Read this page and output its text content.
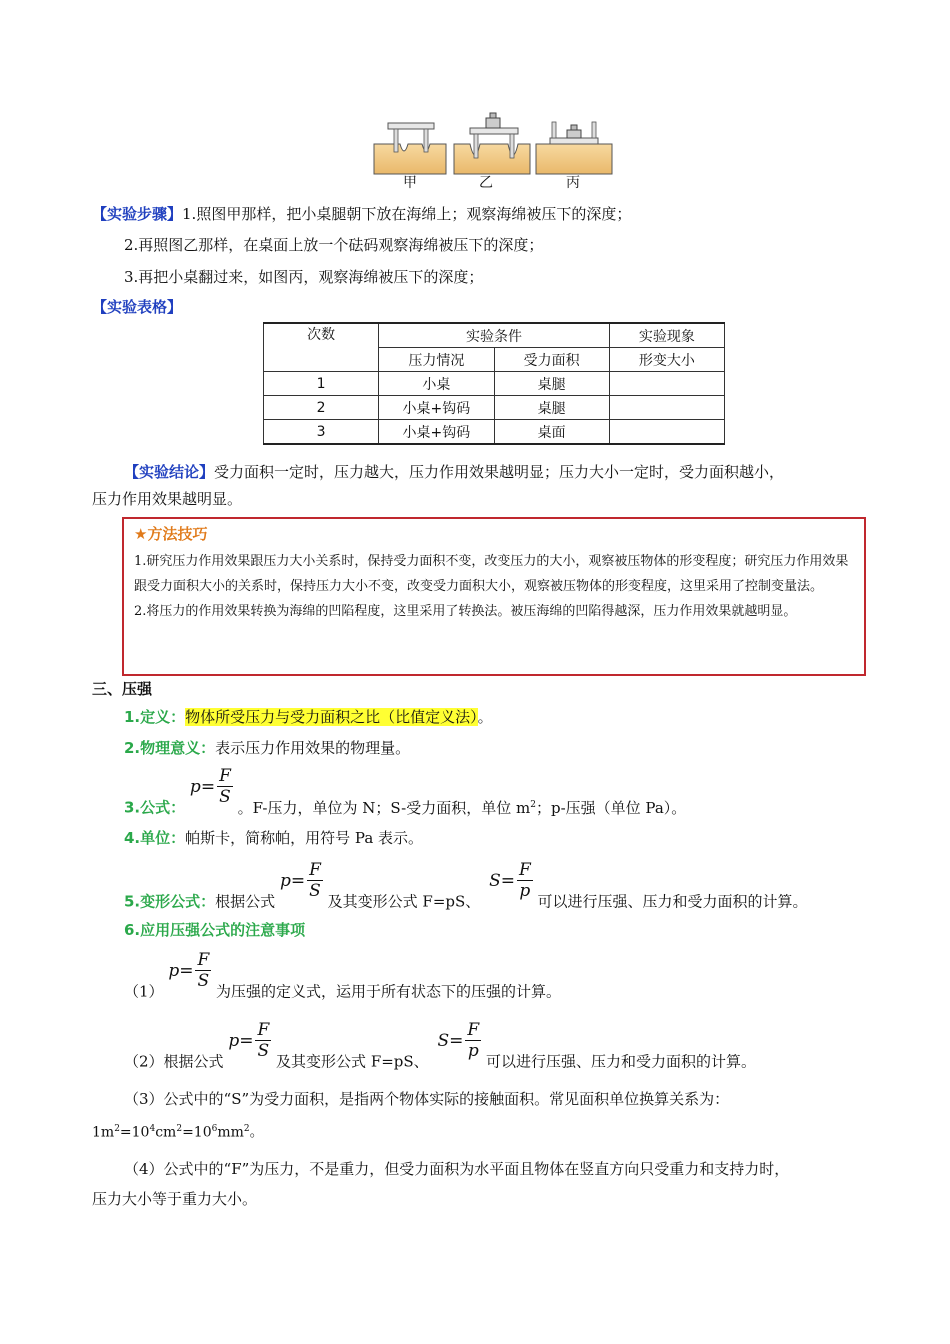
甲	乙	丙
【实验步骤】1.照图甲那样，把小桌腿朝下放在海绵上；观察海绵被压下的深度；
2.再照图乙那样，在桌面上放一个砝码观察海绵被压下的深度；
3.再把小桌翻过来，如图丙，观察海绵被压下的深度；
【实验表格】
次数	实验条件		实验现象
	压力情况	受力面积	形变大小
1	小桌	桌腿	
2	小桌+钩码	桌腿	
3	小桌+钩码	桌面	
【实验结论】受力面积一定时，压力越大，压力作用效果越明显；压力大小一定时，受力面积越小，
压力作用效果越明显。
★方法技巧
1.研究压力作用效果跟压力大小关系时，保持受力面积不变，改变压力的大小，观察被压物体的形变程度；研究压力作用效果跟受力面积大小的关系时，保持压力大小不变，改变受力面积大小，观察被压物体的形变程度，这里采用了控制变量法。
2.将压力的作用效果转换为海绵的凹陷程度，这里采用了转换法。被压海绵的凹陷得越深，压力作用效果就越明显。
三、压强
1.定义：物体所受压力与受力面积之比（比值定义法）。
2.物理意义：表示压力作用效果的物理量。
3.公式： $p= \frac{F}{S}$
。F-压力，单位为 N；S-受力面积，单位 $m^2$；p-压强（单位 Pa）。
4.单位：帕斯卡，简称帕，用符号 Pa 表示。
5.变形公式：根据公式 $p= \frac{F}{S}$
及其变形公式 F=pS、 $S= \frac{F}{p}$
可以进行压强、压力和受力面积的计算。
6.应用压强公式的注意事项
（1） $p= \frac{F}{S}$
为压强的定义式，运用于所有状态下的压强的计算。
（2）根据公式 $p= \frac{F}{S}$
及其变形公式 F=pS、 $S= \frac{F}{p}$
可以进行压强、压力和受力面积的计算。
（3）公式中的“S”为受力面积，是指两个物体实际的接触面积。常见面积单位换算关系为：
$1m^2=10^4cm^2=10^6mm^2$。
（4）公式中的“F”为压力，不是重力，但受力面积为水平面且物体在竖直方向只受重力和支持力时，
压力大小等于重力大小。
